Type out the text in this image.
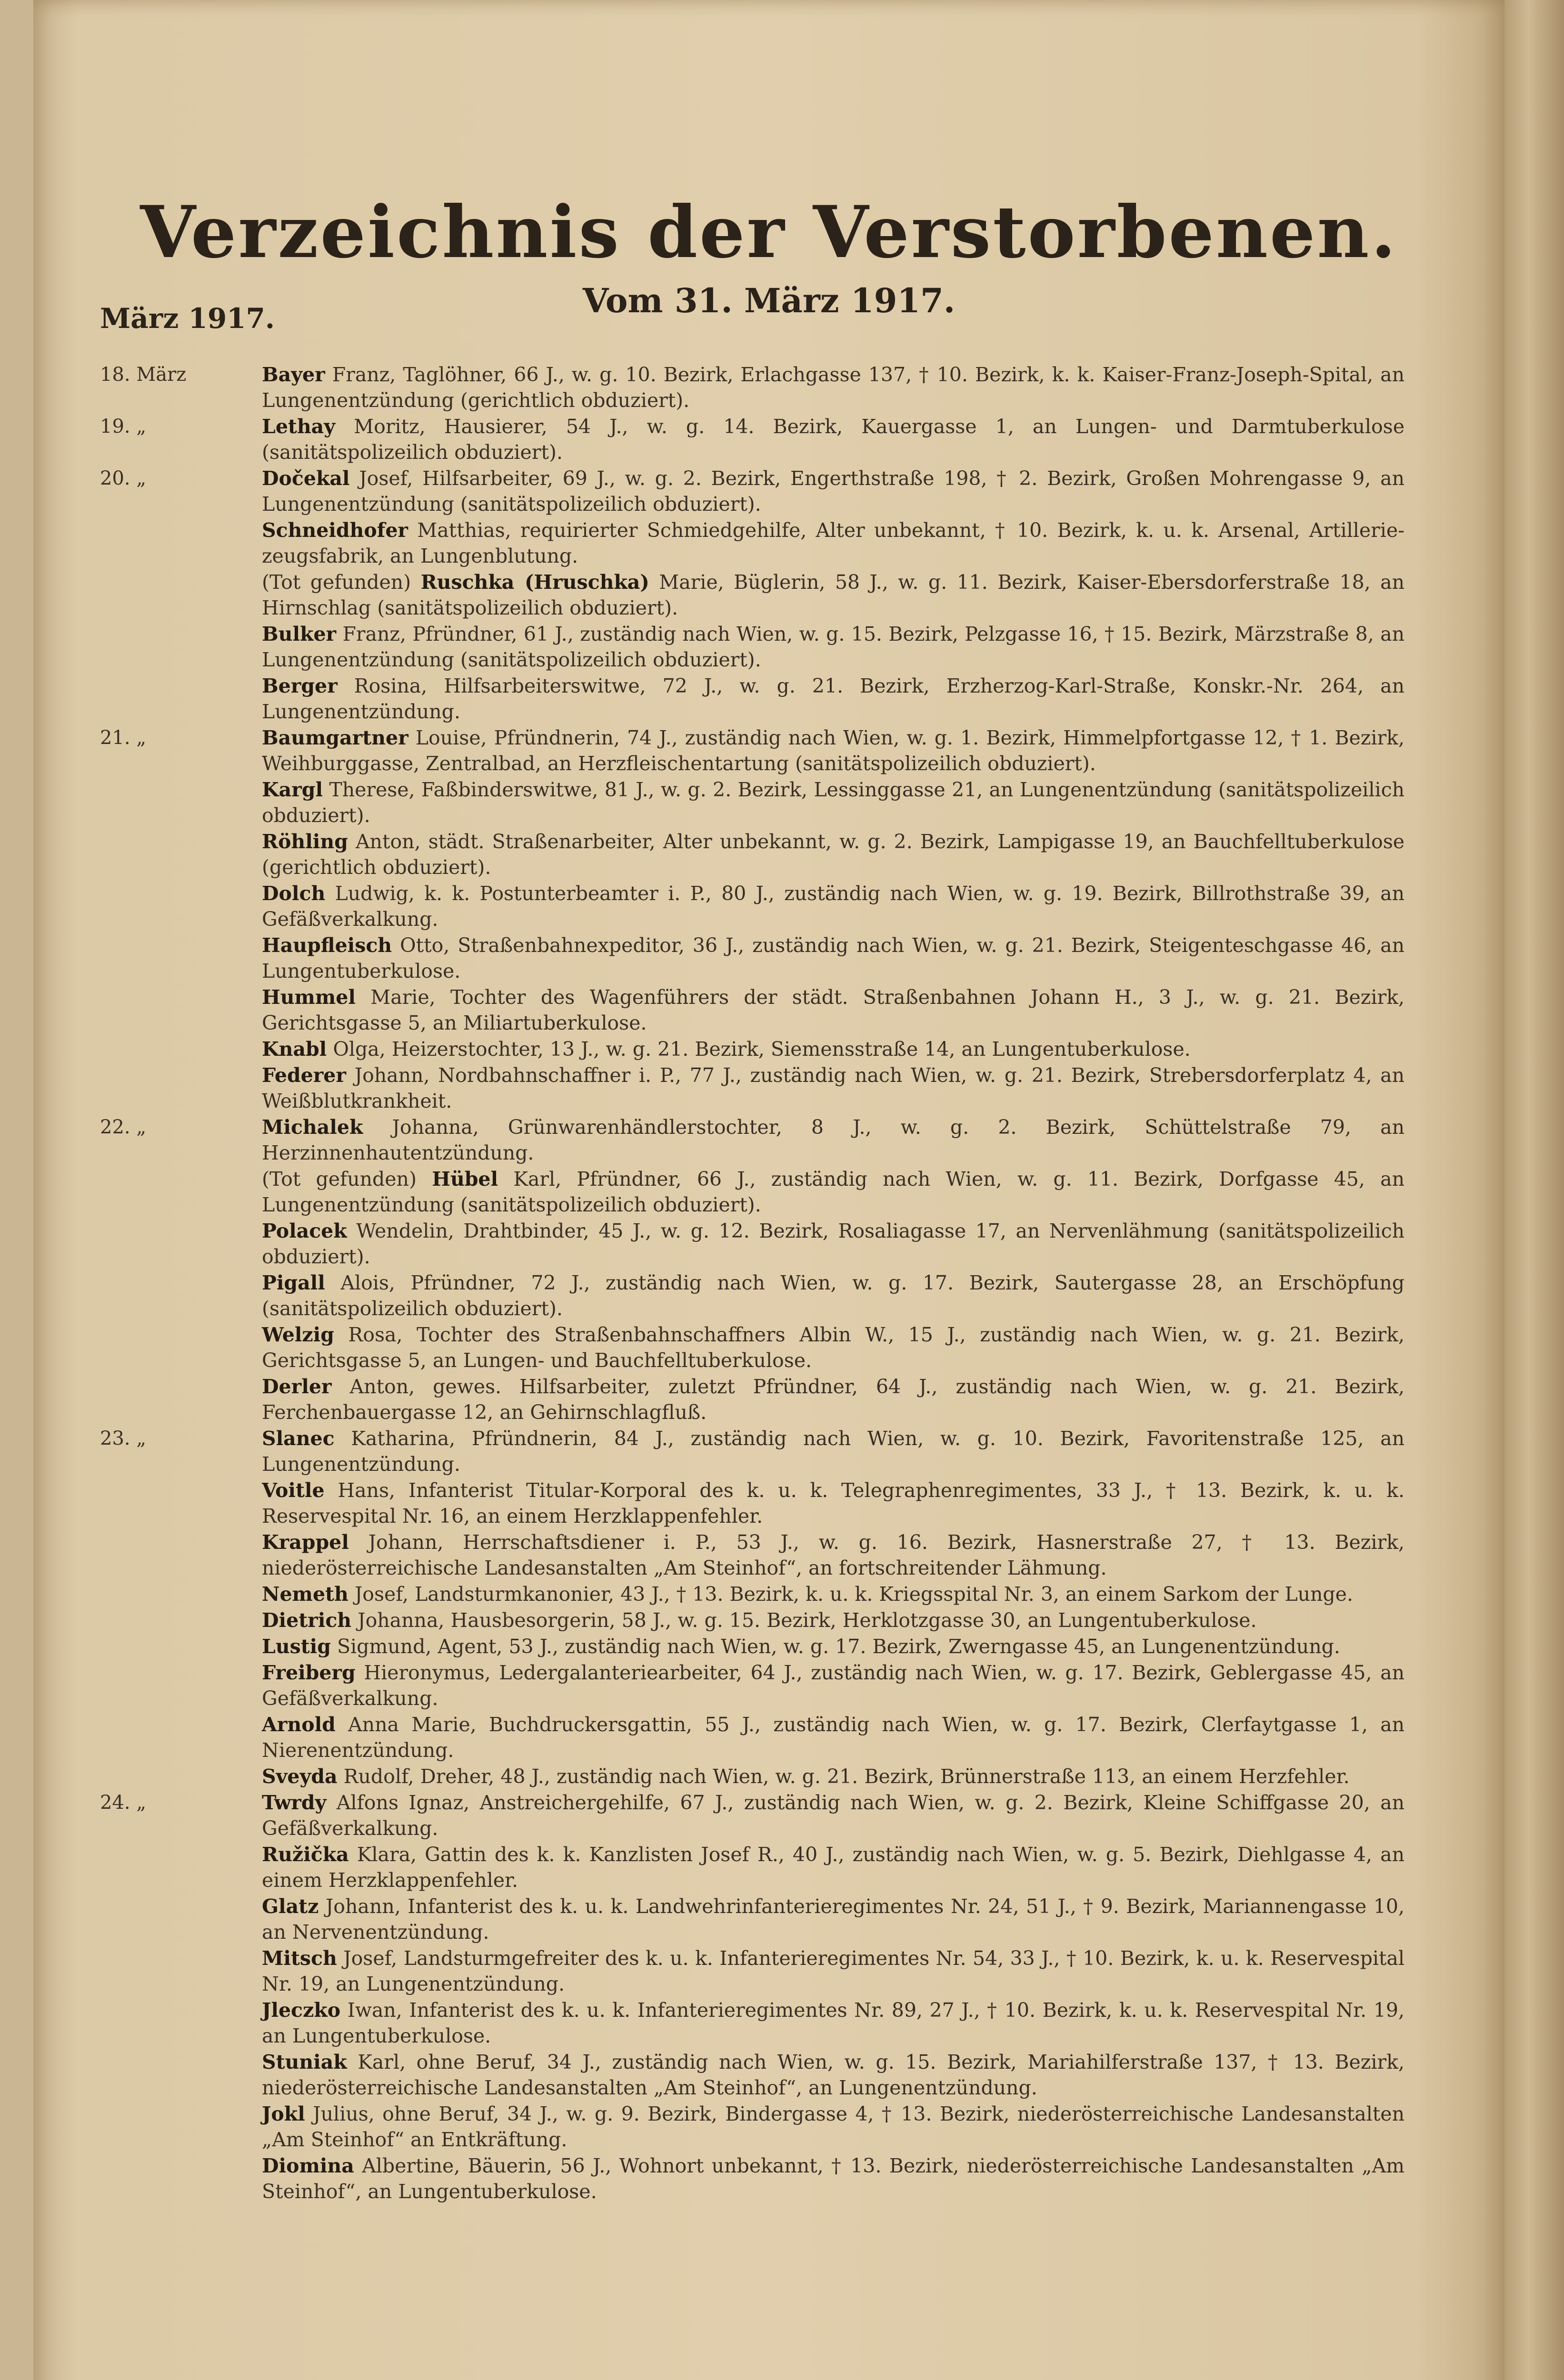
Verzeichnis der Verstorbenen.
Vom 31. März 1917.
März 1917.
18. März	Bayer Franz, Taglöhner, 66 J., w. g. 10. Bezirk, Erlachgasse 137, † 10. Bezirk, k. k. Kaiser-Franz-Joseph-Spital, an Lungenentzündung (gerichtlich obduziert).
19. „	Lethay Moritz, Hausierer, 54 J., w. g. 14. Bezirk, Kauergasse 1, an Lungen- und Darmtuberkulose (sanitätspolizeilich obduziert).
20. „	Dočekal Josef, Hilfsarbeiter, 69 J., w. g. 2. Bezirk, Engerthstraße 198, † 2. Bezirk, Großen Mohrengasse 9, an Lungenentzündung (sanitätspolizeilich obduziert).
Schneidhofer Matthias, requirierter Schmiedgehilfe, Alter unbekannt, † 10. Bezirk, k. u. k. Arsenal, Artilleriezeugsfabrik, an Lungenblutung.
(Tot gefunden) Ruschka (Hruschka) Marie, Büglerin, 58 J., w. g. 11. Bezirk, Kaiser-Ebersdorferstraße 18, an Hirnschlag (sanitätspolizeilich obduziert).
Bulker Franz, Pfründner, 61 J., zuständig nach Wien, w. g. 15. Bezirk, Pelzgasse 16, † 15. Bezirk, Märzstraße 8, an Lungenentzündung (sanitätspolizeilich obduziert).
Berger Rosina, Hilfsarbeiterswitwe, 72 J., w. g. 21. Bezirk, Erzherzog-Karl-Straße, Konskr.-Nr. 264, an Lungenentzündung.
21. „	Baumgartner Louise, Pfründnerin, 74 J., zuständig nach Wien, w. g. 1. Bezirk, Himmelpfortgasse 12, † 1. Bezirk, Weihburggasse, Zentralbad, an Herzfleischentartung (sanitätspolizeilich obduziert).
Kargl Therese, Faßbinderswitwe, 81 J., w. g. 2. Bezirk, Lessinggasse 21, an Lungenentzündung (sanitätspolizeilich obduziert).
Röhling Anton, städt. Straßenarbeiter, Alter unbekannt, w. g. 2. Bezirk, Lampigasse 19, an Bauchfelltuberkulose (gerichtlich obduziert).
Dolch Ludwig, k. k. Postunterbeamter i. P., 80 J., zuständig nach Wien, w. g. 19. Bezirk, Billrothstraße 39, an Gefäßverkalkung.
Haupfleisch Otto, Straßenbahnexpeditor, 36 J., zuständig nach Wien, w. g. 21. Bezirk, Steigenteschgasse 46, an Lungentuberkulose.
Hummel Marie, Tochter des Wagenführers der städt. Straßenbahnen Johann H., 3 J., w. g. 21. Bezirk, Gerichtsgasse 5, an Miliartuberkulose.
Knabl Olga, Heizerstochter, 13 J., w. g. 21. Bezirk, Siemensstraße 14, an Lungentuberkulose.
Federer Johann, Nordbahnschaffner i. P., 77 J., zuständig nach Wien, w. g. 21. Bezirk, Strebersdorferplatz 4, an Weißblutkrankheit.
22. „	Michalek Johanna, Grünwarenhändlerstochter, 8 J., w. g. 2. Bezirk, Schüttelstraße 79, an Herzinnenhautentzündung.
(Tot gefunden) Hübel Karl, Pfründner, 66 J., zuständig nach Wien, w. g. 11. Bezirk, Dorfgasse 45, an Lungenentzündung (sanitätspolizeilich obduziert).
Polacek Wendelin, Drahtbinder, 45 J., w. g. 12. Bezirk, Rosaliagasse 17, an Nervenlähmung (sanitätspolizeilich obduziert).
Pigall Alois, Pfründner, 72 J., zuständig nach Wien, w. g. 17. Bezirk, Sautergasse 28, an Erschöpfung (sanitätspolizeilich obduziert).
Welzig Rosa, Tochter des Straßenbahnschaffners Albin W., 15 J., zuständig nach Wien, w. g. 21. Bezirk, Gerichtsgasse 5, an Lungen- und Bauchfelltuberkulose.
Derler Anton, gewes. Hilfsarbeiter, zuletzt Pfründner, 64 J., zuständig nach Wien, w. g. 21. Bezirk, Ferchenbauergasse 12, an Gehirnschlagfluß.
23. „	Slanec Katharina, Pfründnerin, 84 J., zuständig nach Wien, w. g. 10. Bezirk, Favoritenstraße 125, an Lungenentzündung.
Voitle Hans, Infanterist Titular-Korporal des k. u. k. Telegraphenregimentes, 33 J., † 13. Bezirk, k. u. k. Reservespital Nr. 16, an einem Herzklappenfehler.
Krappel Johann, Herrschaftsdiener i. P., 53 J., w. g. 16. Bezirk, Hasnerstraße 27, † 13. Bezirk, niederösterreichische Landesanstalten „Am Steinhof“, an fortschreitender Lähmung.
Nemeth Josef, Landsturmkanonier, 43 J., † 13. Bezirk, k. u. k. Kriegsspital Nr. 3, an einem Sarkom der Lunge.
Dietrich Johanna, Hausbesorgerin, 58 J., w. g. 15. Bezirk, Herklotzgasse 30, an Lungentuberkulose.
Lustig Sigmund, Agent, 53 J., zuständig nach Wien, w. g. 17. Bezirk, Zwerngasse 45, an Lungenentzündung.
Freiberg Hieronymus, Ledergalanteriearbeiter, 64 J., zuständig nach Wien, w. g. 17. Bezirk, Geblergasse 45, an Gefäßverkalkung.
Arnold Anna Marie, Buchdruckersgattin, 55 J., zuständig nach Wien, w. g. 17. Bezirk, Clerfaytgasse 1, an Nierenentzündung.
Sveyda Rudolf, Dreher, 48 J., zuständig nach Wien, w. g. 21. Bezirk, Brünnerstraße 113, an einem Herzfehler.
24. „	Twrdy Alfons Ignaz, Anstreichergehilfe, 67 J., zuständig nach Wien, w. g. 2. Bezirk, Kleine Schiffgasse 20, an Gefäßverkalkung.
Ružička Klara, Gattin des k. k. Kanzlisten Josef R., 40 J., zuständig nach Wien, w. g. 5. Bezirk, Diehlgasse 4, an einem Herzklappenfehler.
Glatz Johann, Infanterist des k. u. k. Landwehrinfanterieregimentes Nr. 24, 51 J., † 9. Bezirk, Mariannengasse 10, an Nervenentzündung.
Mitsch Josef, Landsturmgefreiter des k. u. k. Infanterieregimentes Nr. 54, 33 J., † 10. Bezirk, k. u. k. Reservespital Nr. 19, an Lungenentzündung.
Jleczko Iwan, Infanterist des k. u. k. Infanterieregimentes Nr. 89, 27 J., † 10. Bezirk, k. u. k. Reservespital Nr. 19, an Lungentuberkulose.
Stuniak Karl, ohne Beruf, 34 J., zuständig nach Wien, w. g. 15. Bezirk, Mariahilferstraße 137, † 13. Bezirk, niederösterreichische Landesanstalten „Am Steinhof“, an Lungenentzündung.
Jokl Julius, ohne Beruf, 34 J., w. g. 9. Bezirk, Bindergasse 4, † 13. Bezirk, niederösterreichische Landesanstalten „Am Steinhof“ an Entkräftung.
Diomina Albertine, Bäuerin, 56 J., Wohnort unbekannt, † 13. Bezirk, niederösterreichische Landesanstalten „Am Steinhof“, an Lungentuberkulose.
